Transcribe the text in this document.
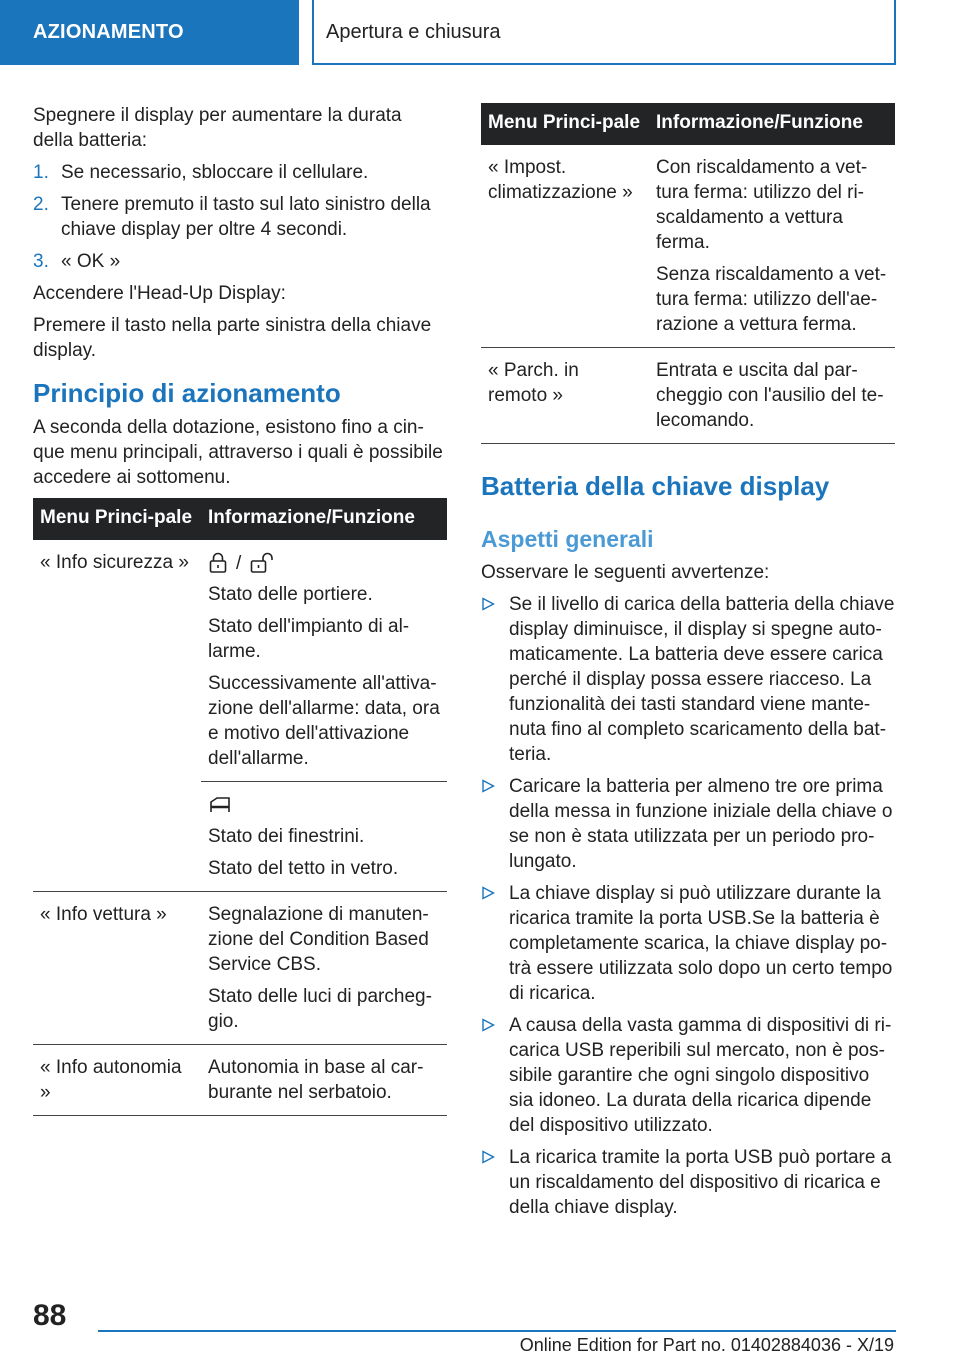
AZIONAMENTO	Apertura e chiusura

Spegnere il display per aumentare la durata della batteria:

1. Se necessario, sbloccare il cellulare.
2. Tenere premuto il tasto sul lato sinistro della chiave display per oltre 4 secondi.
3. « OK »

Accendere l'Head-Up Display:

Premere il tasto nella parte sinistra della chiave display.

Principio di azionamento

A seconda della dotazione, esistono fino a cin-que menu principali, attraverso i quali è possibile accedere ai sottomenu.

Menu Princi-pale	Informazione/Funzione
« Info sicurezza »	/

Stato delle portiere.

Stato dell'impianto di al-larme.

Successivamente all'attiva-zione dell'allarme: data, ora e motivo dell'attivazione dell'allarme.

	Stato dei finestrini.

Stato del tetto in vetro.

« Info vettura »	Segnalazione di manuten-zione del Condition Based Service CBS.

Stato delle luci di parcheg-gio.

« Info autonomia »	Autonomia in base al car-burante nel serbatoio.

Menu Princi-pale	Informazione/Funzione
« Impost. climatizzazione »	Con riscaldamento a vet-tura ferma: utilizzo del ri-scaldamento a vettura ferma.

Senza riscaldamento a vet-tura ferma: utilizzo dell'ae-razione a vettura ferma.

« Parch. in remoto »	Entrata e uscita dal par-cheggio con l'ausilio del te-lecomando.

Batteria della chiave display
Aspetti generali

Osservare le seguenti avvertenze:

Se il livello di carica della batteria della chiave display diminuisce, il display si spegne auto-maticamente. La batteria deve essere carica perché il display possa essere riacceso. La funzionalità dei tasti standard viene mante-nuta fino al completo scaricamento della bat-teria.
Caricare la batteria per almeno tre ore prima della messa in funzione iniziale della chiave o se non è stata utilizzata per un periodo pro-lungato.
La chiave display si può utilizzare durante la ricarica tramite la porta USB.Se la batteria è completamente scarica, la chiave display po-trà essere utilizzata solo dopo un certo tempo di ricarica.
A causa della vasta gamma di dispositivi di ri-carica USB reperibili sul mercato, non è pos-sibile garantire che ogni singolo dispositivo sia idoneo. La durata della ricarica dipende del dispositivo utilizzato.
La ricarica tramite la porta USB può portare a un riscaldamento del dispositivo di ricarica e della chiave display.
88
Online Edition for Part no. 01402884036 - X/19
